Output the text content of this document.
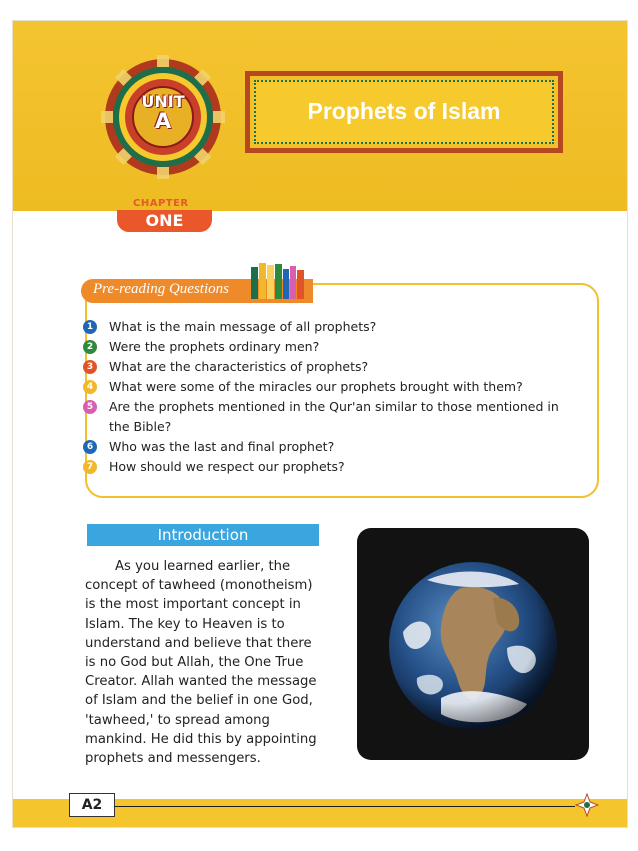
UNIT
A
CHAPTER
ONE
Prophets of Islam
Pre-reading Questions
1	What is the main message of all prophets?
2	Were the prophets ordinary men?
3	What are the characteristics of prophets?
4	What were some of the miracles our prophets brought with them?
5	Are the prophets mentioned in the Qur'an similar to those mentioned in the Bible?
6	Who was the last and final prophet?
7	How should we respect our prophets?
Introduction

As you learned earlier, the concept of tawheed (monotheism) is the most important concept in Islam. The key to Heaven is to understand and believe that there is no God but Allah, the One True Creator. Allah wanted the message of Islam and the belief in one God, 'tawheed,' to spread among mankind. He did this by appointing prophets and messengers.

A2
